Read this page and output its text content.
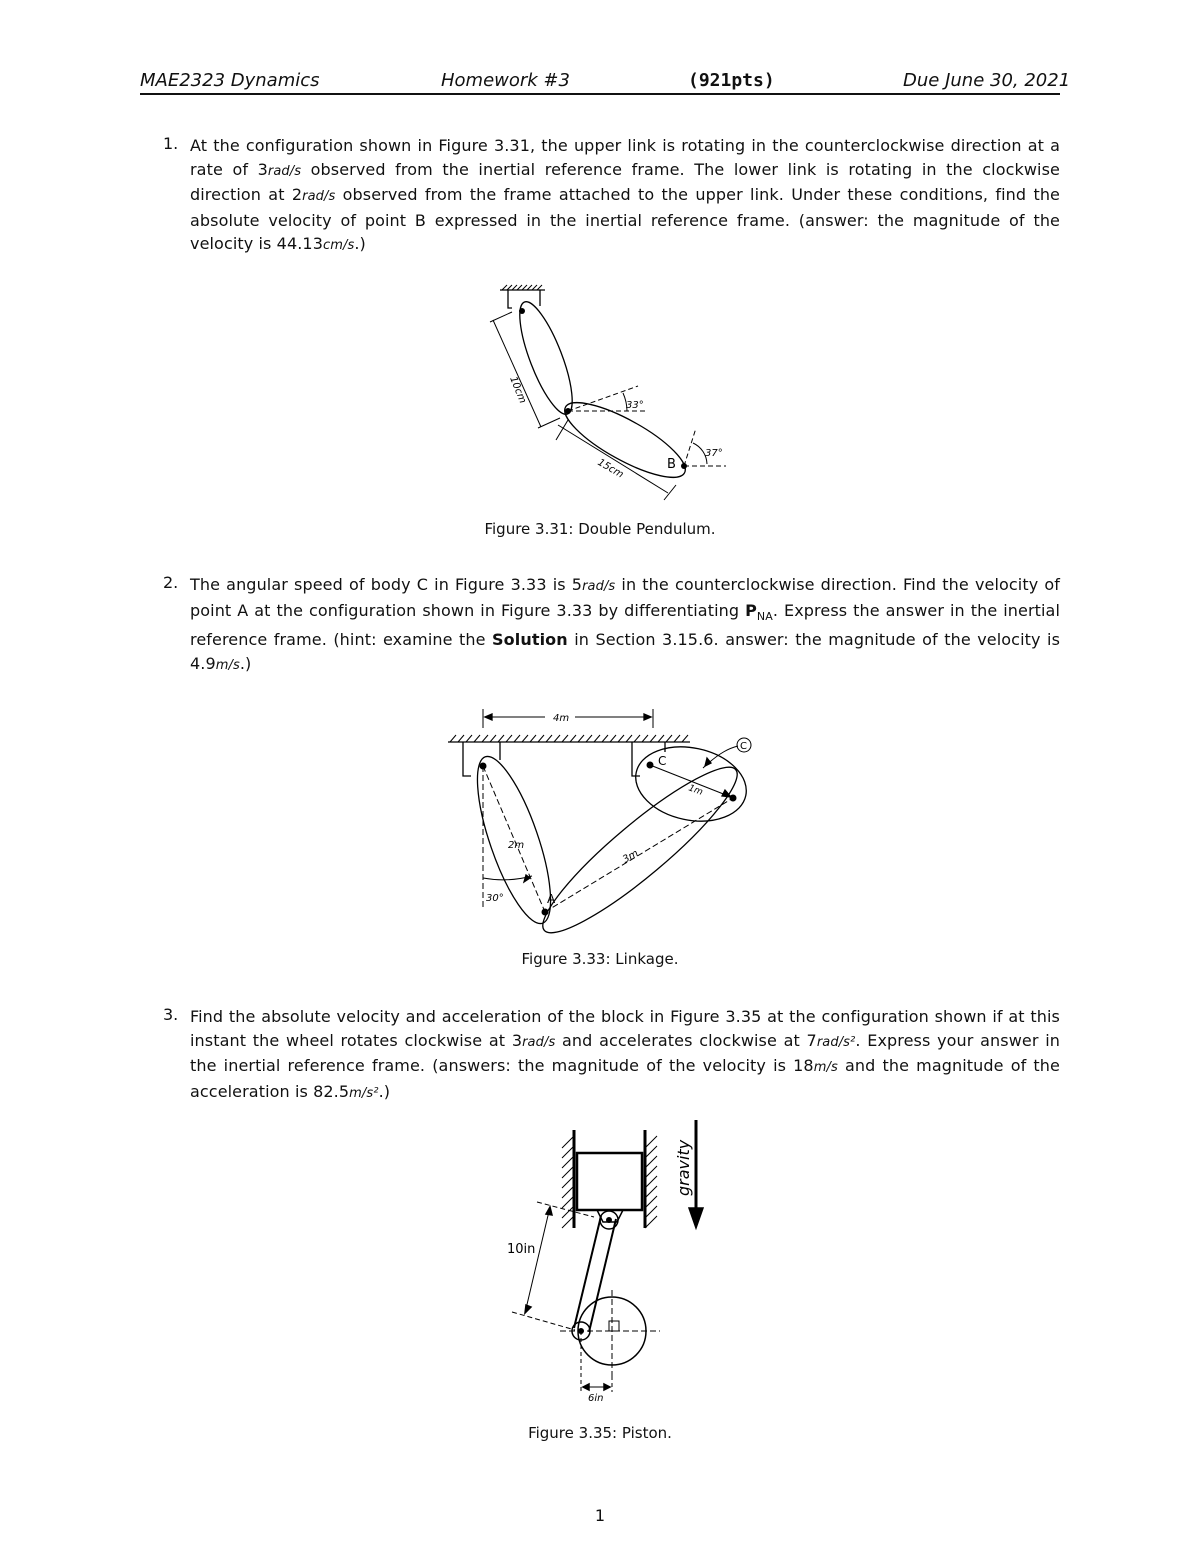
MAE2323 Dynamics	Homework #3	(921pts)	Due June 30, 2021
1. At the configuration shown in Figure 3.31, the upper link is rotating in the counterclockwise direction at a rate of 3rad/s observed from the inertial reference frame. The lower link is rotating in the clockwise direction at 2rad/s observed from the frame attached to the upper link. Under these conditions, find the absolute velocity of point B expressed in the inertial reference frame. (answer: the magnitude of the velocity is 44.13cm/s.)
10cm
15cm
33°
37°
B
Figure 3.31: Double Pendulum.
2. The angular speed of body C in Figure 3.33 is 5rad/s in the counterclockwise direction. Find the velocity of point A at the configuration shown in Figure 3.33 by differentiating $P_{NA}$. Express the answer in the inertial reference frame. (hint: examine the Solution in Section 3.15.6. answer: the magnitude of the velocity is 4.9m/s.)
4m
C
C
1m
2m
3m
30°	A
Figure 3.33: Linkage.
3. Find the absolute velocity and acceleration of the block in Figure 3.35 at the configuration shown if at this instant the wheel rotates clockwise at 3rad/s and accelerates clockwise at 7rad/s². Express your answer in the inertial reference frame. (answers: the magnitude of the velocity is 18m/s and the magnitude of the acceleration is 82.5m/s².)
10in
6in
gravity
Figure 3.35: Piston.
1
